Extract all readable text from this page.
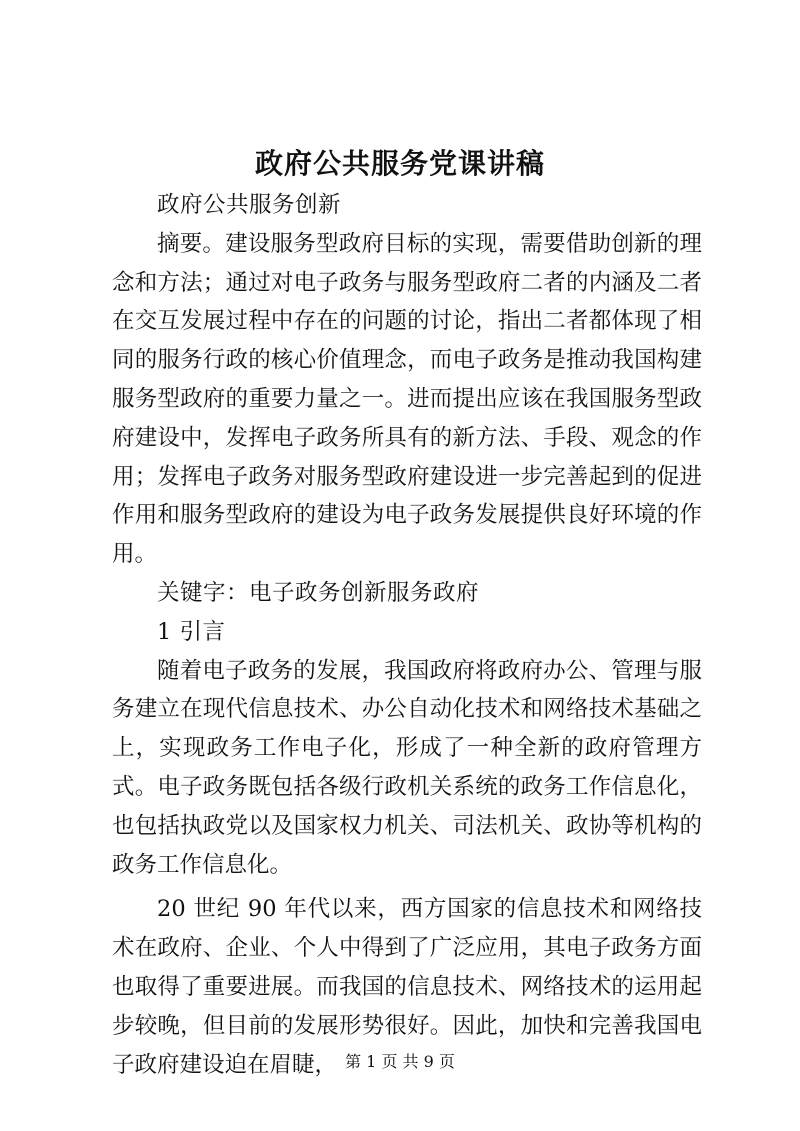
政府公共服务党课讲稿

政府公共服务创新

摘要。建设服务型政府目标的实现，需要借助创新的理念和方法；通过对电子政务与服务型政府二者的内涵及二者在交互发展过程中存在的问题的讨论，指出二者都体现了相同的服务行政的核心价值理念，而电子政务是推动我国构建服务型政府的重要力量之一。进而提出应该在我国服务型政府建设中，发挥电子政务所具有的新方法、手段、观念的作用；发挥电子政务对服务型政府建设进一步完善起到的促进作用和服务型政府的建设为电子政务发展提供良好环境的作用。

关键字：电子政务创新服务政府

1 引言

随着电子政务的发展，我国政府将政府办公、管理与服务建立在现代信息技术、办公自动化技术和网络技术基础之上，实现政务工作电子化，形成了一种全新的政府管理方式。电子政务既包括各级行政机关系统的政务工作信息化，也包括执政党以及国家权力机关、司法机关、政协等机构的政务工作信息化。

20 世纪 90 年代以来，西方国家的信息技术和网络技术在政府、企业、个人中得到了广泛应用，其电子政务方面也取得了重要进展。而我国的信息技术、网络技术的运用起步较晚，但目前的发展形势很好。因此，加快和完善我国电子政府建设迫在眉睫， 第 1 页 共 9 页
